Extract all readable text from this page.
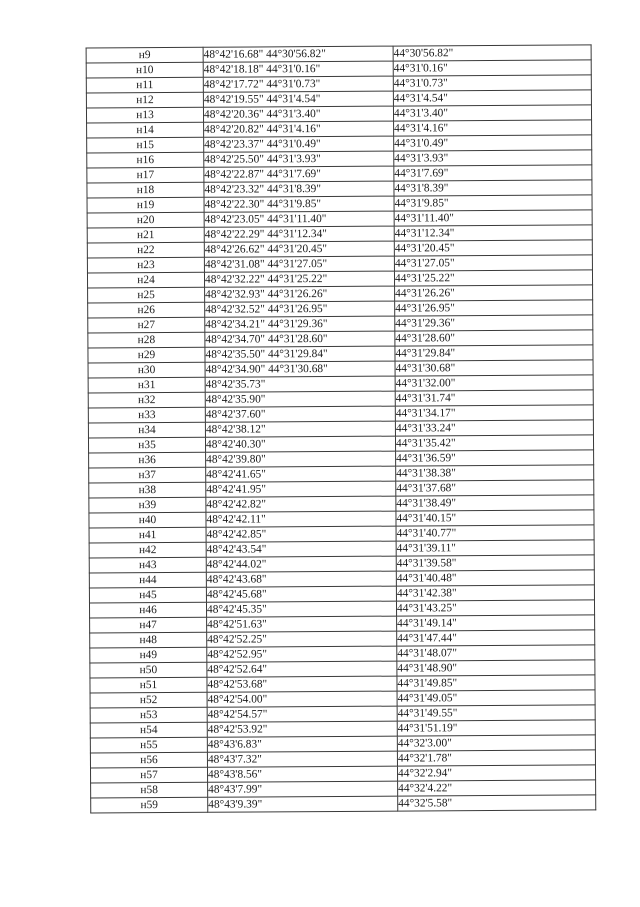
н9	48°42'16.68" 44°30'56.82"	44°30'56.82"
н10	48°42'18.18" 44°31'0.16"	44°31'0.16"
н11	48°42'17.72" 44°31'0.73"	44°31'0.73"
н12	48°42'19.55" 44°31'4.54"	44°31'4.54"
н13	48°42'20.36" 44°31'3.40"	44°31'3.40"
н14	48°42'20.82" 44°31'4.16"	44°31'4.16"
н15	48°42'23.37" 44°31'0.49"	44°31'0.49"
н16	48°42'25.50" 44°31'3.93"	44°31'3.93"
н17	48°42'22.87" 44°31'7.69"	44°31'7.69"
н18	48°42'23.32" 44°31'8.39"	44°31'8.39"
н19	48°42'22.30" 44°31'9.85"	44°31'9.85"
н20	48°42'23.05" 44°31'11.40"	44°31'11.40"
н21	48°42'22.29" 44°31'12.34"	44°31'12.34"
н22	48°42'26.62" 44°31'20.45"	44°31'20.45"
н23	48°42'31.08" 44°31'27.05"	44°31'27.05"
н24	48°42'32.22" 44°31'25.22"	44°31'25.22"
н25	48°42'32.93" 44°31'26.26"	44°31'26.26"
н26	48°42'32.52" 44°31'26.95"	44°31'26.95"
н27	48°42'34.21" 44°31'29.36"	44°31'29.36"
н28	48°42'34.70" 44°31'28.60"	44°31'28.60"
н29	48°42'35.50" 44°31'29.84"	44°31'29.84"
н30	48°42'34.90" 44°31'30.68"	44°31'30.68"
н31	48°42'35.73"	44°31'32.00"
н32	48°42'35.90"	44°31'31.74"
н33	48°42'37.60"	44°31'34.17"
н34	48°42'38.12"	44°31'33.24"
н35	48°42'40.30"	44°31'35.42"
н36	48°42'39.80"	44°31'36.59"
н37	48°42'41.65"	44°31'38.38"
н38	48°42'41.95"	44°31'37.68"
н39	48°42'42.82"	44°31'38.49"
н40	48°42'42.11"	44°31'40.15"
н41	48°42'42.85"	44°31'40.77"
н42	48°42'43.54"	44°31'39.11"
н43	48°42'44.02"	44°31'39.58"
н44	48°42'43.68"	44°31'40.48"
н45	48°42'45.68"	44°31'42.38"
н46	48°42'45.35"	44°31'43.25"
н47	48°42'51.63"	44°31'49.14"
н48	48°42'52.25"	44°31'47.44"
н49	48°42'52.95"	44°31'48.07"
н50	48°42'52.64"	44°31'48.90"
н51	48°42'53.68"	44°31'49.85"
н52	48°42'54.00"	44°31'49.05"
н53	48°42'54.57"	44°31'49.55"
н54	48°42'53.92"	44°31'51.19"
н55	48°43'6.83"	44°32'3.00"
н56	48°43'7.32"	44°32'1.78"
н57	48°43'8.56"	44°32'2.94"
н58	48°43'7.99"	44°32'4.22"
н59	48°43'9.39"	44°32'5.58"
